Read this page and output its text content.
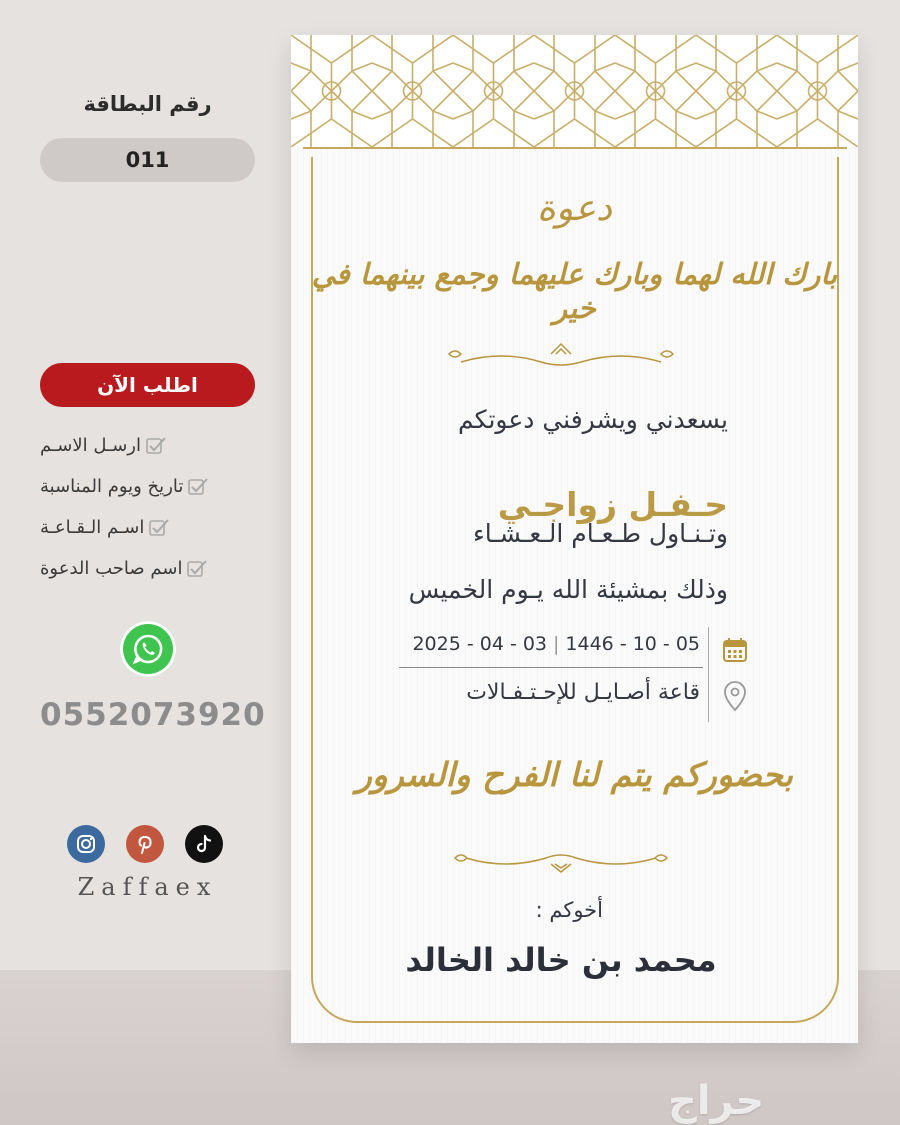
رقم البطاقة
011
اطلب الآن
ارسـل الاسـم
تاريخ ويوم المناسبة
اسـم الـقـاعـة
اسم صاحب الدعوة
0552073920
Zaffaex
دعوة
بارك الله لهما وبارك عليهما وجمع بينهما في خير
يسعدني ويشرفني دعوتكم
حـفـل زواجـي
وتـنـاول طـعـام الـعـشـاء
وذلك بمشيئة الله يـوم الخميس
2025 - 04 - 03 | 1446 - 10 - 05
قاعة أصـايـل للإحـتـفـالات
بحضوركم يتم لنا الفرح والسرور
أخوكم :
محمد بن خالد الخالد
حراج
